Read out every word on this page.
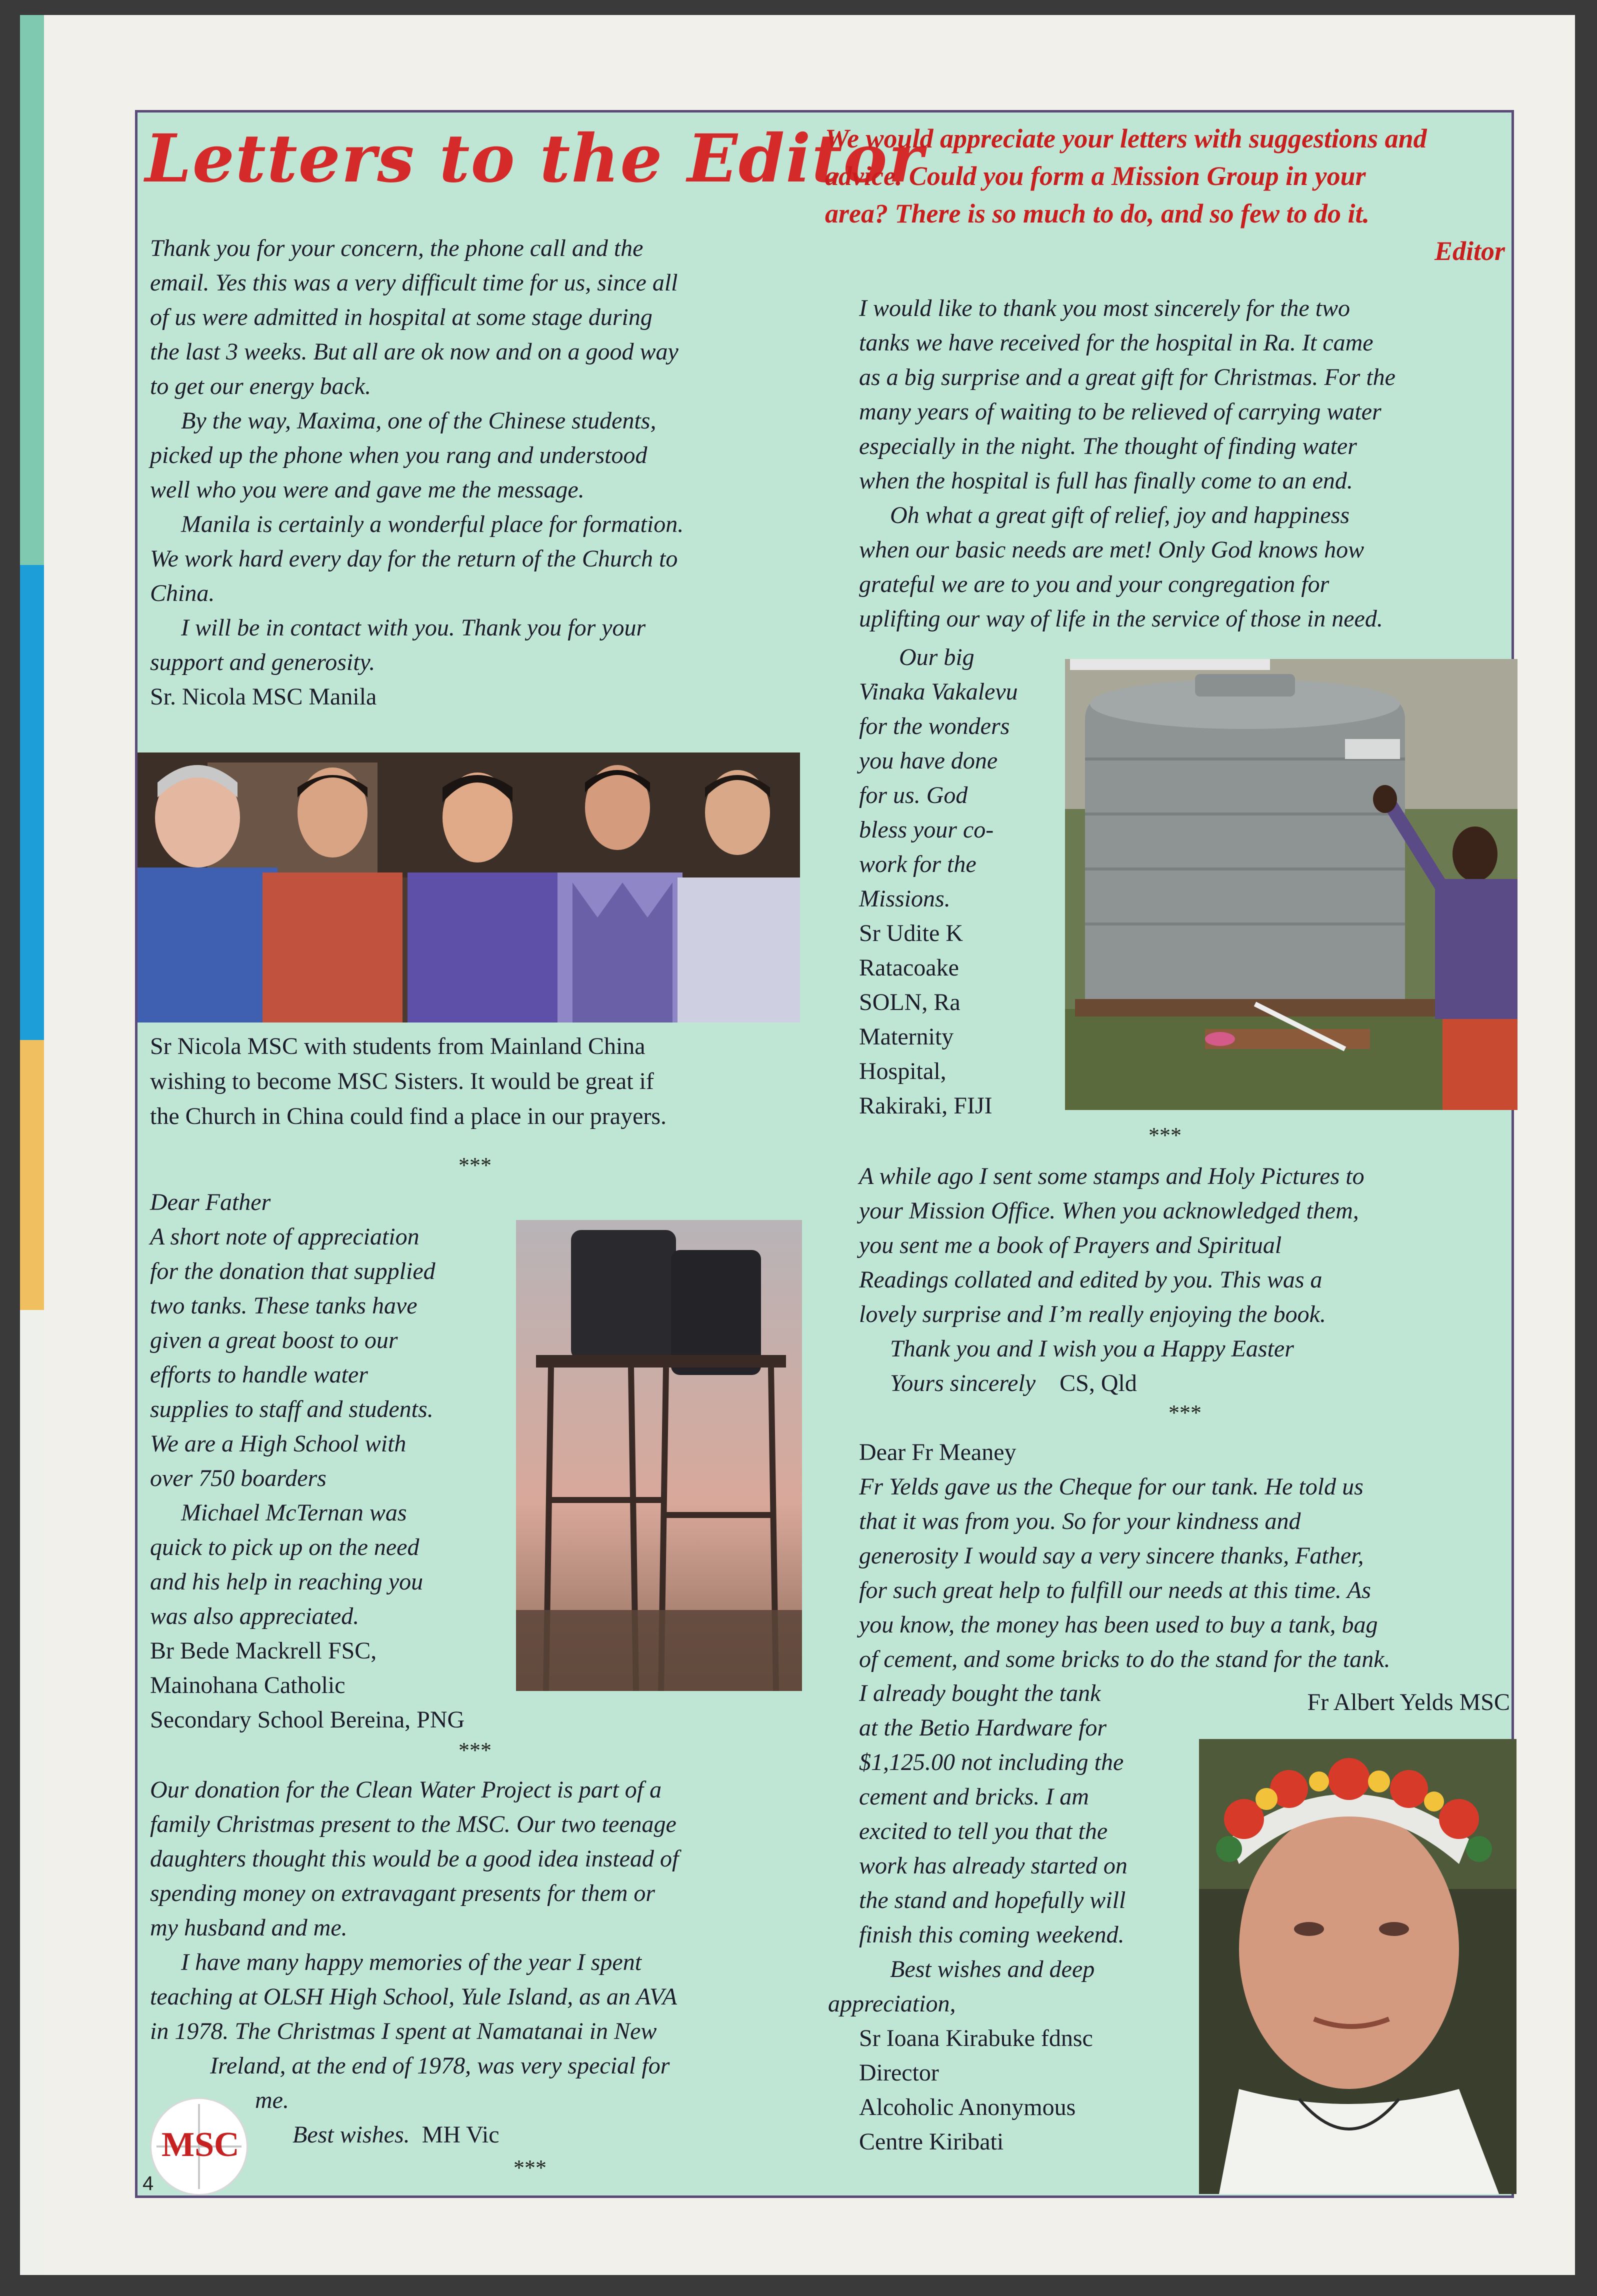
Letters to the Editor
We would appreciate your letters with suggestions and
advice. Could you form a Mission Group in your
area? There is so much to do, and so few to do it.
Editor

Thank you for your concern, the phone call and the
email. Yes this was a very difficult time for us, since all
of us were admitted in hospital at some stage during
the last 3 weeks. But all are ok now and on a good way
to get our energy back.

By the way, Maxima, one of the Chinese students,
picked up the phone when you rang and understood
well who you were and gave me the message.

Manila is certainly a wonderful place for formation.
We work hard every day for the return of the Church to
China.

I will be in contact with you. Thank you for your
support and generosity.

Sr. Nicola MSC Manila

Sr Nicola MSC with students from Mainland China
wishing to become MSC Sisters. It would be great if
the Church in China could find a place in our prayers.
***

Dear Father

A short note of appreciation
for the donation that supplied
two tanks. These tanks have
given a great boost to our
efforts to handle water
supplies to staff and students.
We are a High School with
over 750 boarders

Michael McTernan was
quick to pick up on the need
and his help in reaching you
was also appreciated.

Br Bede Mackrell FSC,
Mainohana Catholic
Secondary School Bereina, PNG

***

Our donation for the Clean Water Project is part of a
family Christmas present to the MSC. Our two teenage
daughters thought this would be a good idea instead of
spending money on extravagant presents for them or
my husband and me.

I have many happy memories of the year I spent
teaching at OLSH High School, Yule Island, as an AVA
in 1978. The Christmas I spent at Namatanai in New

Ireland, at the end of 1978, was very special for

me.

Best wishes. MH Vic

***
MSC
4

I would like to thank you most sincerely for the two
tanks we have received for the hospital in Ra. It came
as a big surprise and a great gift for Christmas. For the
many years of waiting to be relieved of carrying water
especially in the night. The thought of finding water
when the hospital is full has finally come to an end.

Oh what a great gift of relief, joy and happiness
when our basic needs are met! Only God knows how
grateful we are to you and your congregation for
uplifting our way of life in the service of those in need.

Our big
Vinaka Vakalevu
for the wonders
you have done
for us. God
bless your co-
work for the
Missions.

Sr Udite K
Ratacoake
SOLN, Ra
Maternity
Hospital,
Rakiraki, FIJI

***

A while ago I sent some stamps and Holy Pictures to
your Mission Office. When you acknowledged them,
you sent me a book of Prayers and Spiritual
Readings collated and edited by you. This was a
lovely surprise and I’m really enjoying the book.

Thank you and I wish you a Happy Easter

Yours sincerely CS, Qld

***

Dear Fr Meaney

Fr Yelds gave us the Cheque for our tank. He told us
that it was from you. So for your kindness and
generosity I would say a very sincere thanks, Father,
for such great help to fulfill our needs at this time. As
you know, the money has been used to buy a tank, bag
of cement, and some bricks to do the stand for the tank.

Fr Albert Yelds MSC

I already bought the tank
at the Betio Hardware for
$1,125.00 not including the
cement and bricks. I am
excited to tell you that the
work has already started on
the stand and hopefully will
finish this coming weekend.

Best wishes and deep
appreciation,

Sr Ioana Kirabuke fdnsc
Director
Alcoholic Anonymous
Centre Kiribati
